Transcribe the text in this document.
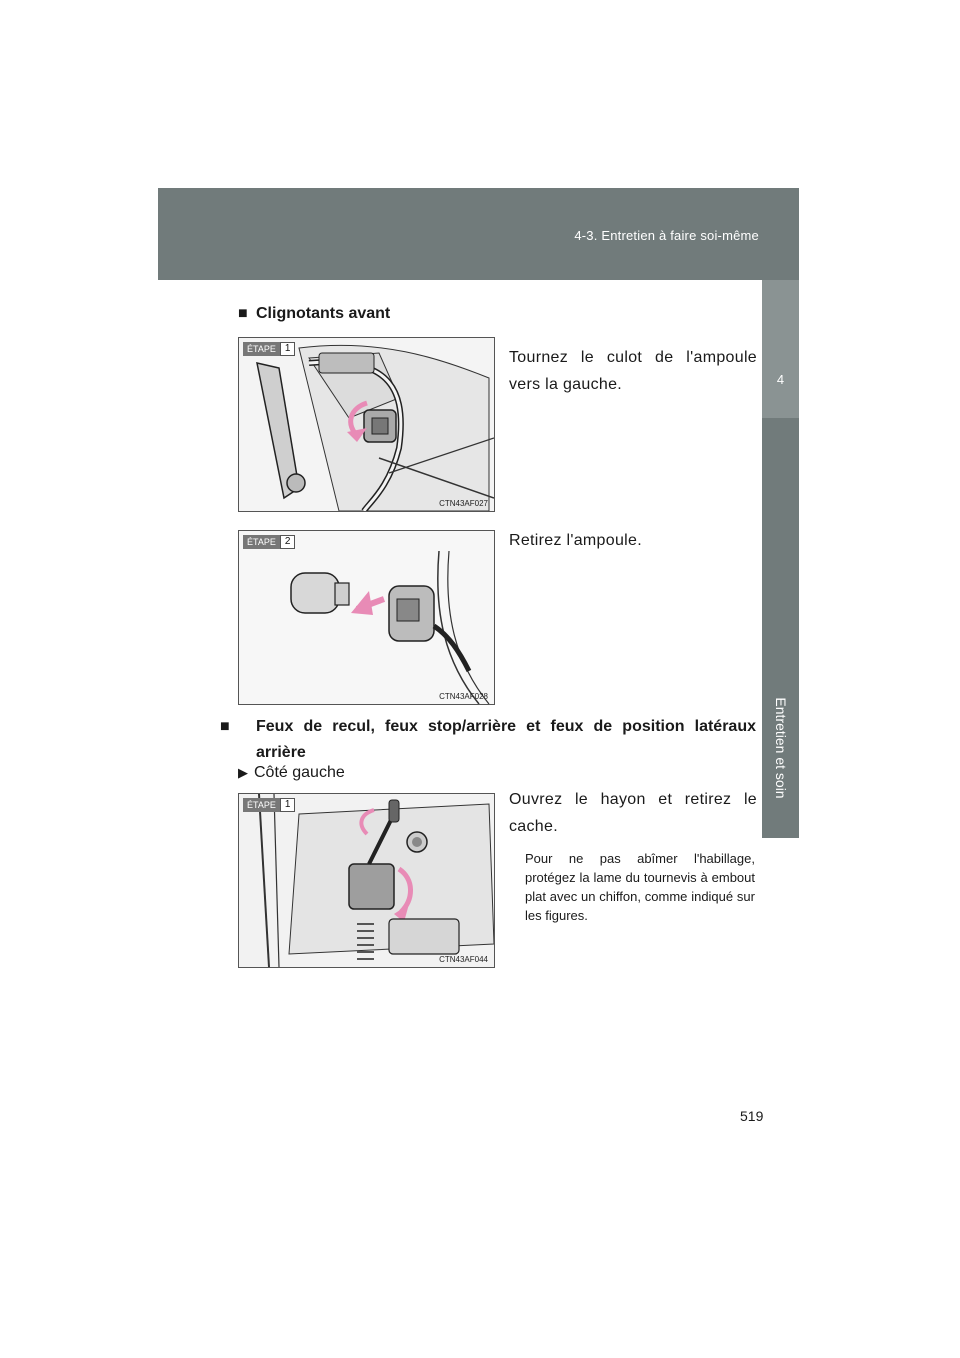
4-3. Entretien à faire soi-même
4
Entretien et soin
■ Clignotants avant
ÉTAPE 1
CTN43AF027
Tournez le culot de l'ampoule vers la gauche.
ÉTAPE 2
CTN43AF028
Retirez l'ampoule.
■ Feux de recul, feux stop/arrière et feux de position latéraux arrière
▶ Côté gauche
ÉTAPE 1
CTN43AF044
Ouvrez le hayon et retirez le cache.
Pour ne pas abîmer l'habillage, protégez la lame du tournevis à embout plat avec un chiffon, comme indiqué sur les figures.
519
